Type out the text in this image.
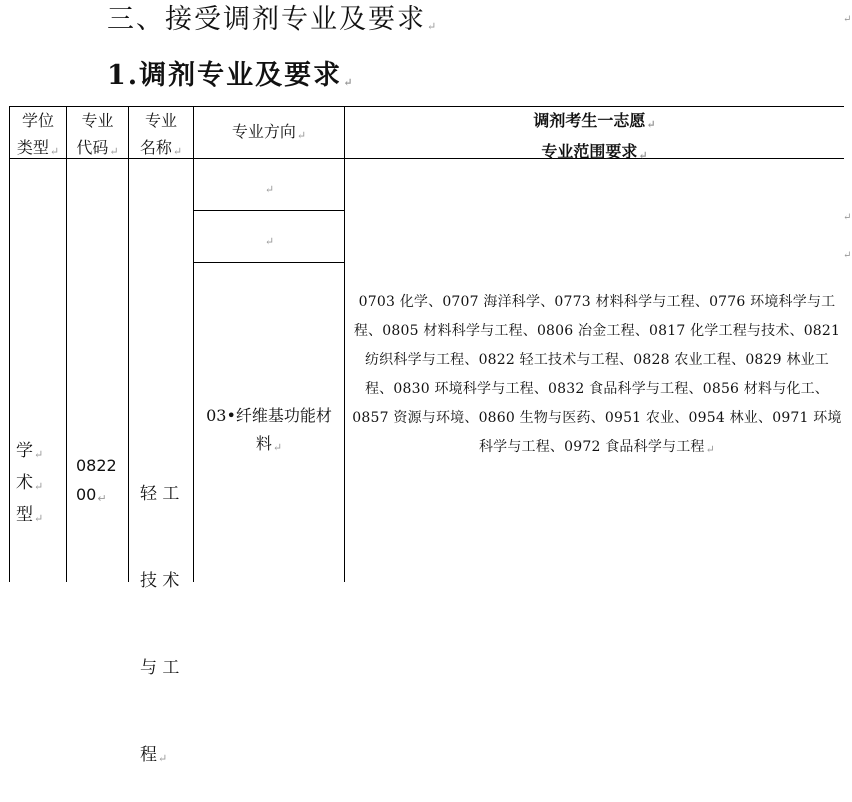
三、接受调剂专业及要求↵
1.调剂专业及要求↵
学位
类型↵
专业
代码↵
专业
名称↵
专业方向↵
调剂考生一志愿↵
专业范围要求↵
学↵
术↵
型↵
0822
00↵

	轻 工

技 术

与 工

程↵

↵
↵
03•纤维基功能材料↵
0703 化学、0707 海洋科学、0773 材料科学与工程、0776 环境科学与工程、0805 材料科学与工程、0806 冶金工程、0817 化学工程与技术、0821 纺织科学与工程、0822 轻工技术与工程、0828 农业工程、0829 林业工程、0830 环境科学与工程、0832 食品科学与工程、0856 材料与化工、0857 资源与环境、0860 生物与医药、0951 农业、0954 林业、0971 环境科学与工程、0972 食品科学与工程↵
↵
↵
↵
